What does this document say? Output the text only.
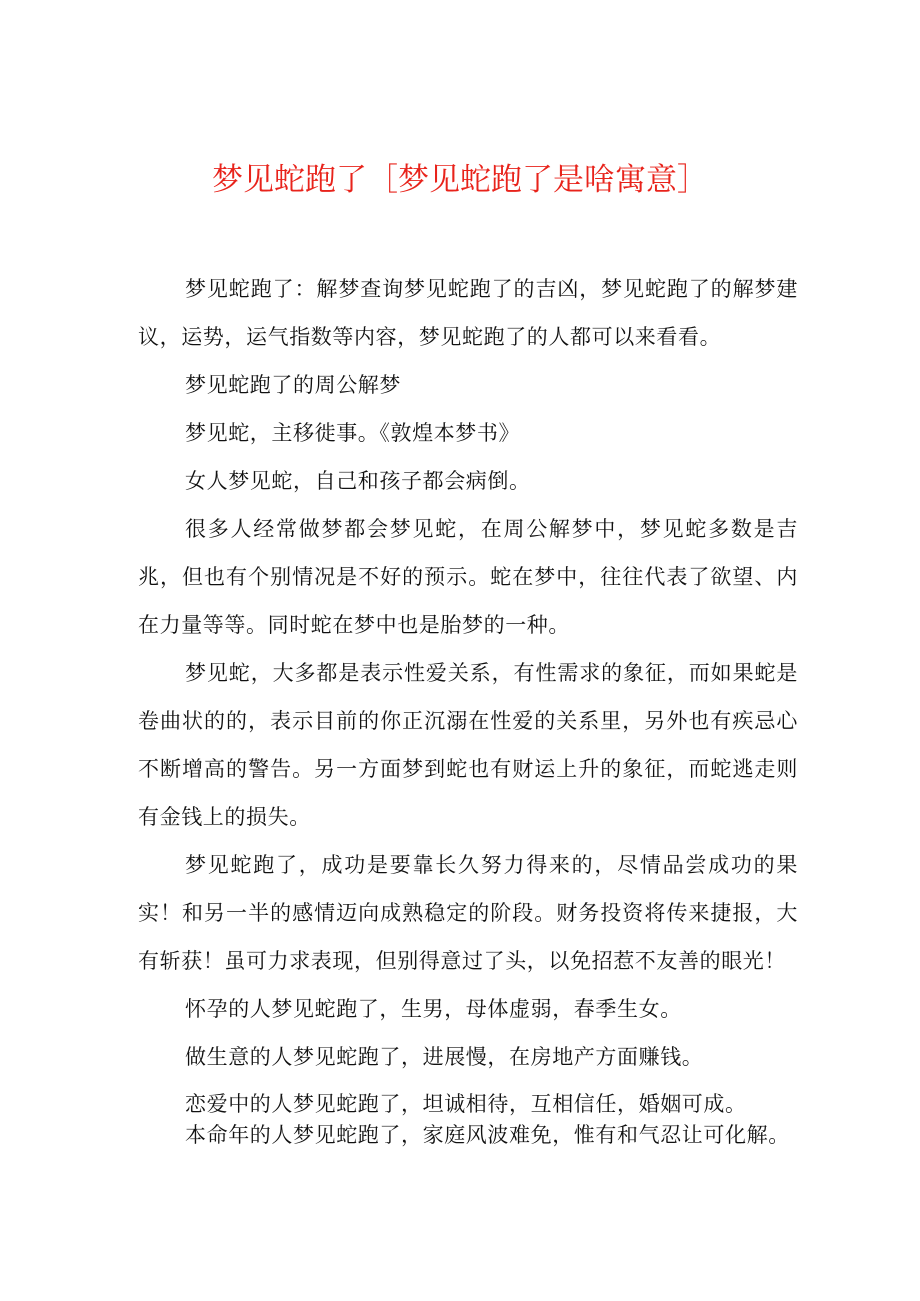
梦见蛇跑了［梦见蛇跑了是啥寓意］

梦见蛇跑了：解梦查询梦见蛇跑了的吉凶，梦见蛇跑了的解梦建议，运势，运气指数等内容，梦见蛇跑了的人都可以来看看。

梦见蛇跑了的周公解梦

梦见蛇，主移徙事。《敦煌本梦书》

女人梦见蛇，自己和孩子都会病倒。

很多人经常做梦都会梦见蛇，在周公解梦中，梦见蛇多数是吉兆，但也有个别情况是不好的预示。蛇在梦中，往往代表了欲望、内在力量等等。同时蛇在梦中也是胎梦的一种。

梦见蛇，大多都是表示性爱关系，有性需求的象征，而如果蛇是卷曲状的的，表示目前的你正沉溺在性爱的关系里，另外也有疾忌心不断增高的警告。另一方面梦到蛇也有财运上升的象征，而蛇逃走则有金钱上的损失。

梦见蛇跑了，成功是要靠长久努力得来的，尽情品尝成功的果实！和另一半的感情迈向成熟稳定的阶段。财务投资将传来捷报，大有斩获！虽可力求表现，但别得意过了头，以免招惹不友善的眼光！

怀孕的人梦见蛇跑了，生男，母体虚弱，春季生女。

做生意的人梦见蛇跑了，进展慢，在房地产方面赚钱。

恋爱中的人梦见蛇跑了，坦诚相待，互相信任，婚姻可成。

本命年的人梦见蛇跑了，家庭风波难免，惟有和气忍让可化解。
